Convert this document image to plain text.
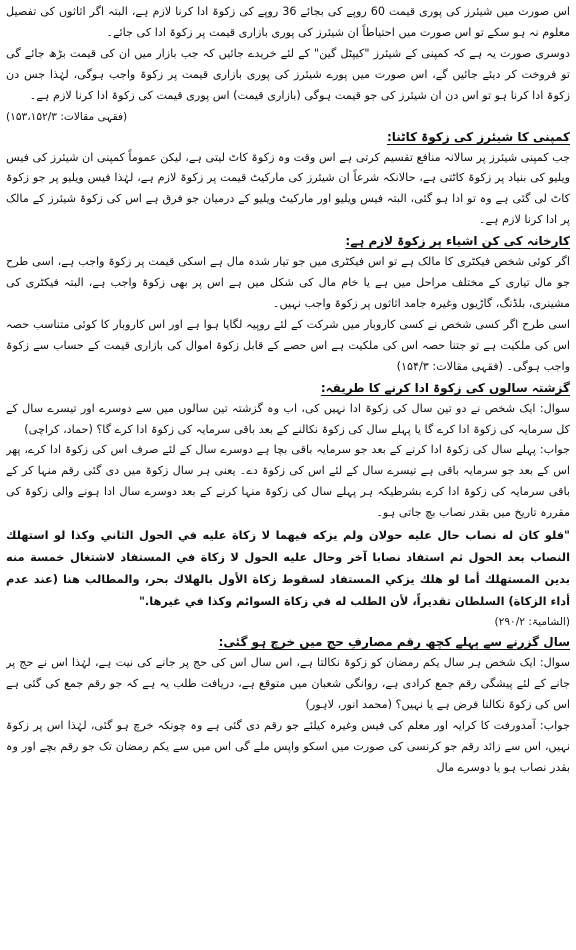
اس صورت میں شیئرز کی پوری قیمت 60 روپے کی بجائے 36 روپے کی زکوۃ ادا کرنا لازم ہے، البتہ اگر اثاثوں کی تفصیل معلوم نہ ہو سکے تو اس صورت میں احتیاطاً ان شیئرز کی پوری بازاری قیمت پر زکوۃ ادا کی جائے۔

دوسری صورت یہ ہے کہ کمپنی کے شیئرز "کیپٹل گین" کے لئے خریدے جائیں کہ جب بازار میں ان کی قیمت بڑھ جائے گی تو فروخت کر دیئے جائیں گے، اس صورت میں پورے شیئرز کی پوری بازاری قیمت پر زکوۃ واجب ہوگی، لہٰذا جس دن زکوۃ ادا کرنا ہو تو اس دن ان شیئرز کی جو قیمت ہوگی (بازاری قیمت) اس پوری قیمت کی زکوۃ ادا کرنا لازم ہے۔

(فقہی مقالات: ۱۵۳،۱۵۲/۳)

کمپنی کا شیئرز کی زکوۃ کاٹنا:

جب کمپنی شیئرز پر سالانہ منافع تقسیم کرتی ہے اس وقت وہ زکوۃ کاٹ لیتی ہے، لیکن عموماً کمپنی ان شیئرز کی فیس ویلیو کی بنیاد پر زکوۃ کاٹتی ہے، حالانکہ شرعاً ان شیئرز کی مارکیٹ قیمت پر زکوۃ لازم ہے، لہٰذا فیس ویلیو پر جو زکوۃ کاٹ لی گئی ہے وہ تو ادا ہو گئی، البتہ فیس ویلیو اور مارکیٹ ویلیو کے درمیان جو فرق ہے اس کی زکوۃ شیئرز کے مالک پر ادا کرنا لازم ہے۔

کارخانہ کی کن اشیاء پر زکوۃ لازم ہے:

اگر کوئی شخص فیکٹری کا مالک ہے تو اس فیکٹری میں جو تیار شدہ مال ہے اسکی قیمت پر زکوۃ واجب ہے، اسی طرح جو مال تیاری کے مختلف مراحل میں ہے یا خام مال کی شکل میں ہے اس پر بھی زکوۃ واجب ہے، البتہ فیکٹری کی مشینری، بلڈنگ، گاڑیوں وغیرہ جامد اثاثوں پر زکوۃ واجب نہیں۔

اسی طرح اگر کسی شخص نے کسی کاروبار میں شرکت کے لئے روپیہ لگایا ہوا ہے اور اس کاروبار کا کوئی متناسب حصہ اس کی ملکیت ہے تو جتنا حصہ اس کی ملکیت ہے اس حصے کے قابل زکوۃ اموال کی بازاری قیمت کے حساب سے زکوۃ واجب ہوگی۔ (فقہی مقالات: ۱۵۴/۳)

گزشتہ سالوں کی زکوۃ ادا کرنے کا طریقہ:

سوال: ایک شخص نے دو تین سال کی زکوۃ ادا نہیں کی، اب وہ گزشتہ تین سالوں میں سے دوسرے اور تیسرے سال کے کل سرمایہ کی زکوۃ ادا کرے گا یا پہلے سال کی زکوۃ نکالنے کے بعد باقی سرمایہ کی زکوۃ ادا کرے گا؟ (حماد، کراچی)

جواب: پہلے سال کی زکوۃ ادا کرنے کے بعد جو سرمایہ باقی بچا ہے دوسرے سال کے لئے صرف اس کی زکوۃ ادا کرے، پھر اس کے بعد جو سرمایہ باقی ہے تیسرے سال کے لئے اس کی زکوۃ دے۔ یعنی ہر سال زکوۃ میں دی گئی رقم منہا کر کے باقی سرمایہ کی زکوۃ ادا کرے بشرطیکہ ہر پہلے سال کی زکوۃ منہا کرنے کے بعد دوسرے سال ادا ہونے والی زکوۃ کی مقررہ تاریخ میں بقدر نصاب بچ جاتی ہو۔

"فلو كان له نصاب حال عليه حولان ولم يزكه فيهما لا زكاة عليه في الحول الثاني وكذا لو استهلك النصاب بعد الحول ثم استفاد نصابا آخر وحال عليه الحول لا زكاة في المستفاد لاشتغال خمسة منه بدين المستهلك أما لو هلك يزكي المستفاد لسقوط زكاة الأول بالهلاك بحر، والمطالب هنا (عند عدم أداء الزكاة) السلطان تقديراً، لأن الطلب له في زكاة السوائم وكذا في غيرها."

(الشامیۃ: ۲۹۰/۲)

سال گزرنے سے پہلے کچھ رقم مصارفِ حج میں خرچ ہو گئی:

سوال: ایک شخص ہر سال یکم رمضان کو زکوۃ نکالتا ہے، اس سال اس کی حج پر جانے کی نیت ہے، لہٰذا اس نے حج پر جانے کے لئے پیشگی رقم جمع کرادی ہے، روانگی شعبان میں متوقع ہے، دریافت طلب یہ ہے کہ جو رقم جمع کی گئی ہے اس کی زکوۃ نکالنا فرض ہے یا نہیں؟ (محمد انور، لاہور)

جواب: آمدورفت کا کرایہ اور معلم کی فیس وغیرہ کیلئے جو رقم دی گئی ہے وہ چونکہ خرچ ہو گئی، لہٰذا اس پر زکوۃ نہیں، اس سے زائد رقم جو کرنسی کی صورت میں اسکو واپس ملے گی اس میں سے یکم رمضان تک جو رقم بچے اور وہ بقدر نصاب ہو یا دوسرے مال
